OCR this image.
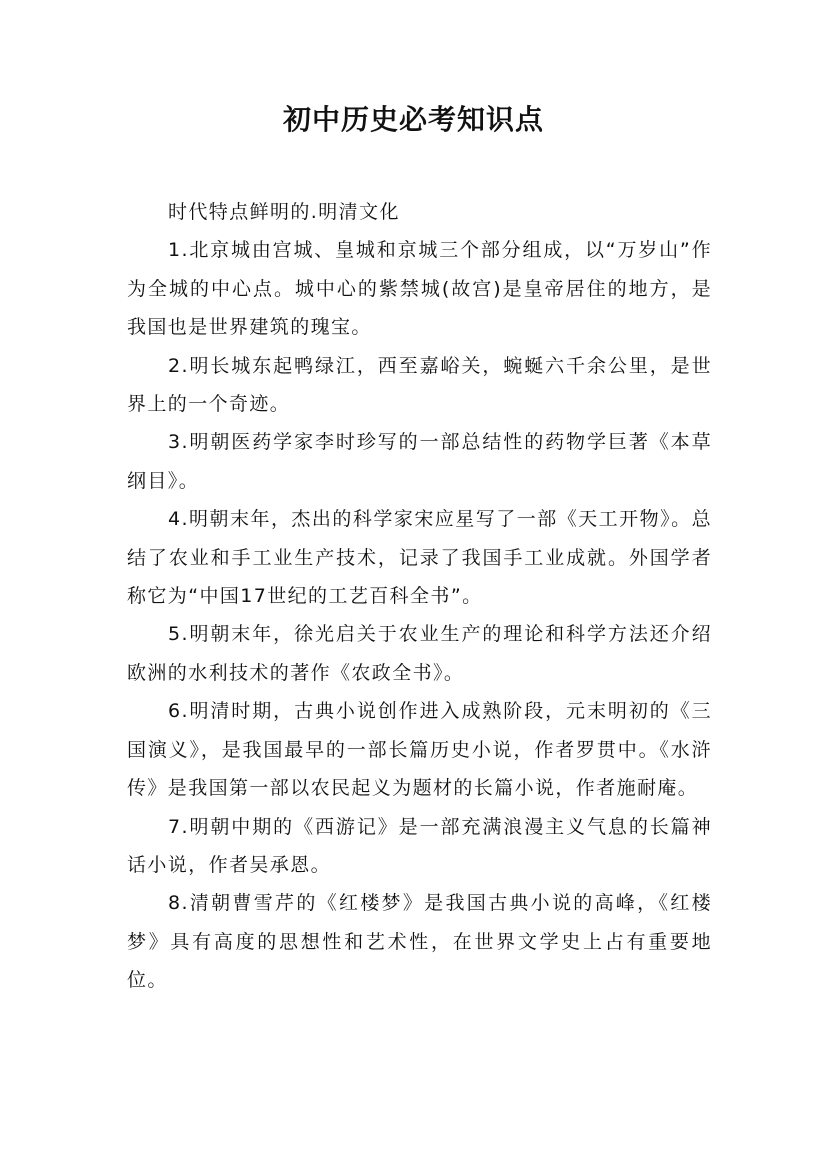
初中历史必考知识点

时代特点鲜明的.明清文化

1.北京城由宫城、皇城和京城三个部分组成，以“万岁山”作为全城的中心点。城中心的紫禁城(故宫)是皇帝居住的地方，是我国也是世界建筑的瑰宝。

2.明长城东起鸭绿江，西至嘉峪关，蜿蜒六千余公里，是世界上的一个奇迹。

3.明朝医药学家李时珍写的一部总结性的药物学巨著《本草纲目》。

4.明朝末年，杰出的科学家宋应星写了一部《天工开物》。总结了农业和手工业生产技术，记录了我国手工业成就。外国学者称它为“中国17世纪的工艺百科全书”。

5.明朝末年，徐光启关于农业生产的理论和科学方法还介绍欧洲的水利技术的著作《农政全书》。

6.明清时期，古典小说创作进入成熟阶段，元末明初的《三国演义》，是我国最早的一部长篇历史小说，作者罗贯中。《水浒传》是我国第一部以农民起义为题材的长篇小说，作者施耐庵。

7.明朝中期的《西游记》是一部充满浪漫主义气息的长篇神话小说，作者吴承恩。

8.清朝曹雪芹的《红楼梦》是我国古典小说的高峰，《红楼梦》具有高度的思想性和艺术性，在世界文学史上占有重要地位。
